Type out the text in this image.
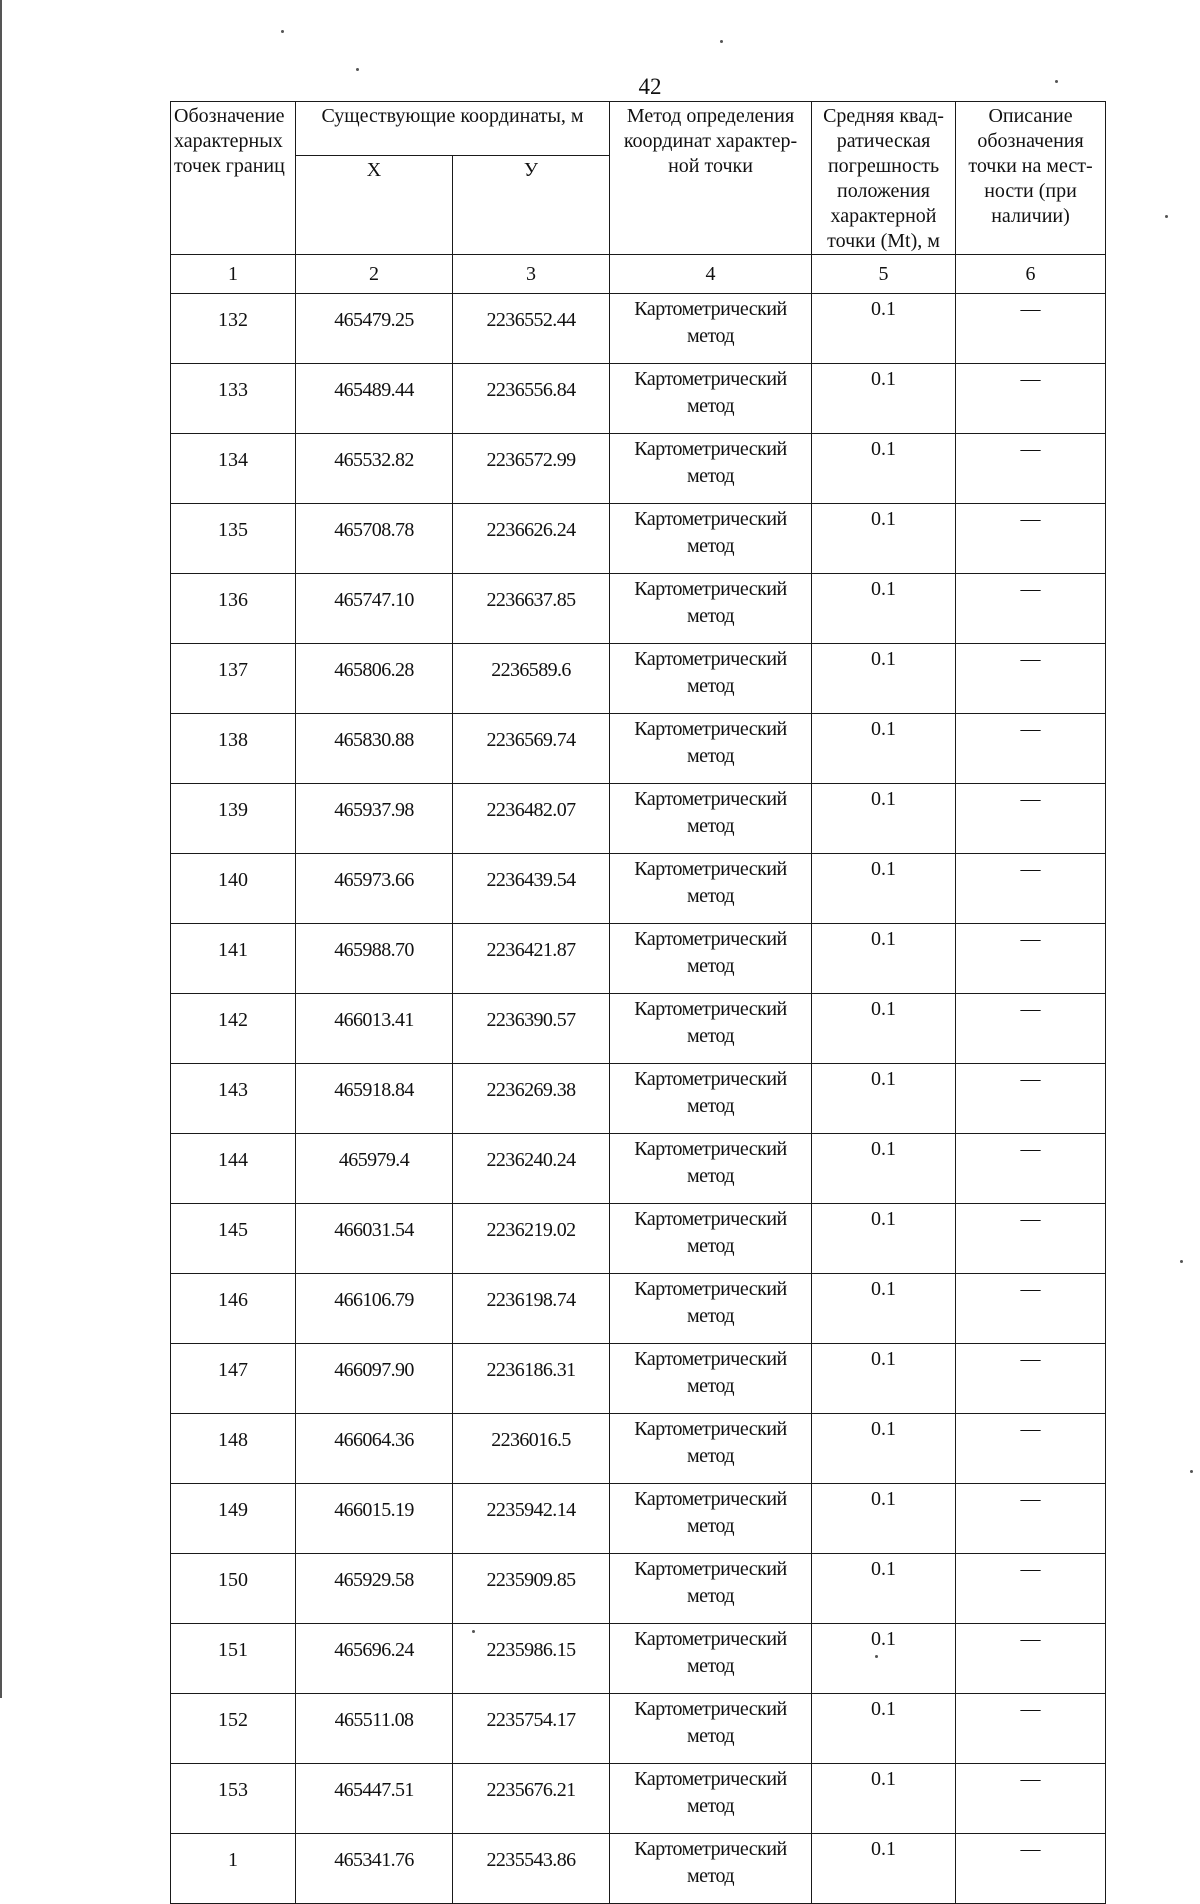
42
Обозначение характерных точек границ	Существующие координаты, м		Метод определения координат характер-ной точки	Средняя квад-ратическая погрешность положения характерной точки (Mt), м	Описание обозначения точки на мест-ности (при наличии)
	X	У			
1	2	3	4	5	6
132	465479.25	2236552.44	Картометрический метод	0.1	—
133	465489.44	2236556.84	Картометрический метод	0.1	—
134	465532.82	2236572.99	Картометрический метод	0.1	—
135	465708.78	2236626.24	Картометрический метод	0.1	—
136	465747.10	2236637.85	Картометрический метод	0.1	—
137	465806.28	2236589.6	Картометрический метод	0.1	—
138	465830.88	2236569.74	Картометрический метод	0.1	—
139	465937.98	2236482.07	Картометрический метод	0.1	—
140	465973.66	2236439.54	Картометрический метод	0.1	—
141	465988.70	2236421.87	Картометрический метод	0.1	—
142	466013.41	2236390.57	Картометрический метод	0.1	—
143	465918.84	2236269.38	Картометрический метод	0.1	—
144	465979.4	2236240.24	Картометрический метод	0.1	—
145	466031.54	2236219.02	Картометрический метод	0.1	—
146	466106.79	2236198.74	Картометрический метод	0.1	—
147	466097.90	2236186.31	Картометрический метод	0.1	—
148	466064.36	2236016.5	Картометрический метод	0.1	—
149	466015.19	2235942.14	Картометрический метод	0.1	—
150	465929.58	2235909.85	Картометрический метод	0.1	—
151	465696.24	2235986.15	Картометрический метод	0.1	—
152	465511.08	2235754.17	Картометрический метод	0.1	—
153	465447.51	2235676.21	Картометрический метод	0.1	—
1	465341.76	2235543.86	Картометрический метод	0.1	—
